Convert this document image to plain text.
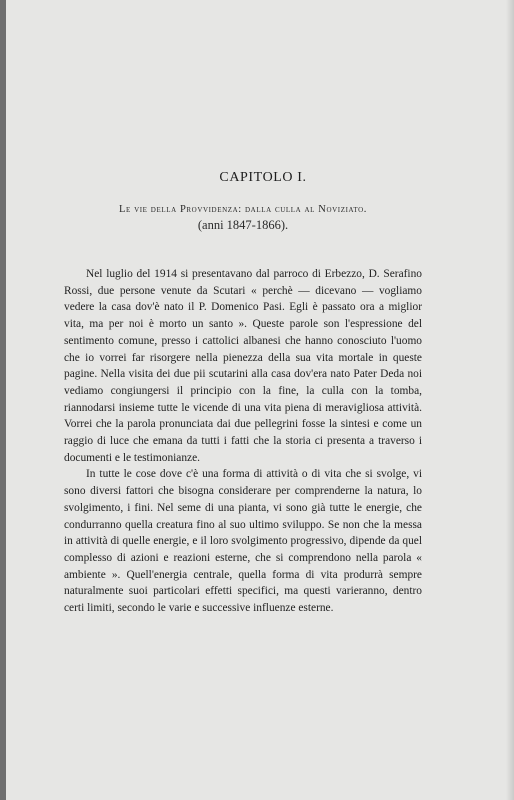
CAPITOLO I.
Le vie della Provvidenza: dalla culla al Noviziato.
(anni 1847-1866).

Nel luglio del 1914 si presentavano dal parroco di Erbezzo, D. Serafino Rossi, due persone venute da Scutari « perchè — dicevano — vogliamo vedere la casa dov'è nato il P. Domenico Pasi. Egli è passato ora a miglior vita, ma per noi è morto un santo ». Queste parole son l'espressione del sentimento comune, presso i cattolici albanesi che hanno conosciuto l'uomo che io vorrei far risorgere nella pienezza della sua vita mortale in queste pagine. Nella visita dei due pii scutarini alla casa dov'era nato Pater Deda noi vediamo congiungersi il principio con la fine, la culla con la tomba, riannodarsi insieme tutte le vicende di una vita piena di meravigliosa attività. Vorrei che la parola pronunciata dai due pellegrini fosse la sintesi e come un raggio di luce che emana da tutti i fatti che la storia ci presenta a traverso i documenti e le testimonianze.

In tutte le cose dove c'è una forma di attività o di vita che si svolge, vi sono diversi fattori che bisogna considerare per comprenderne la natura, lo svolgimento, i fini. Nel seme di una pianta, vi sono già tutte le energie, che condurranno quella creatura fino al suo ultimo sviluppo. Se non che la messa in attività di quelle energie, e il loro svolgimento progressivo, dipende da quel complesso di azioni e reazioni esterne, che si comprendono nella parola « ambiente ». Quell'energia centrale, quella forma di vita produrrà sempre naturalmente suoi particolari effetti specifici, ma questi varieranno, dentro certi limiti, secondo le varie e successive influenze esterne.
